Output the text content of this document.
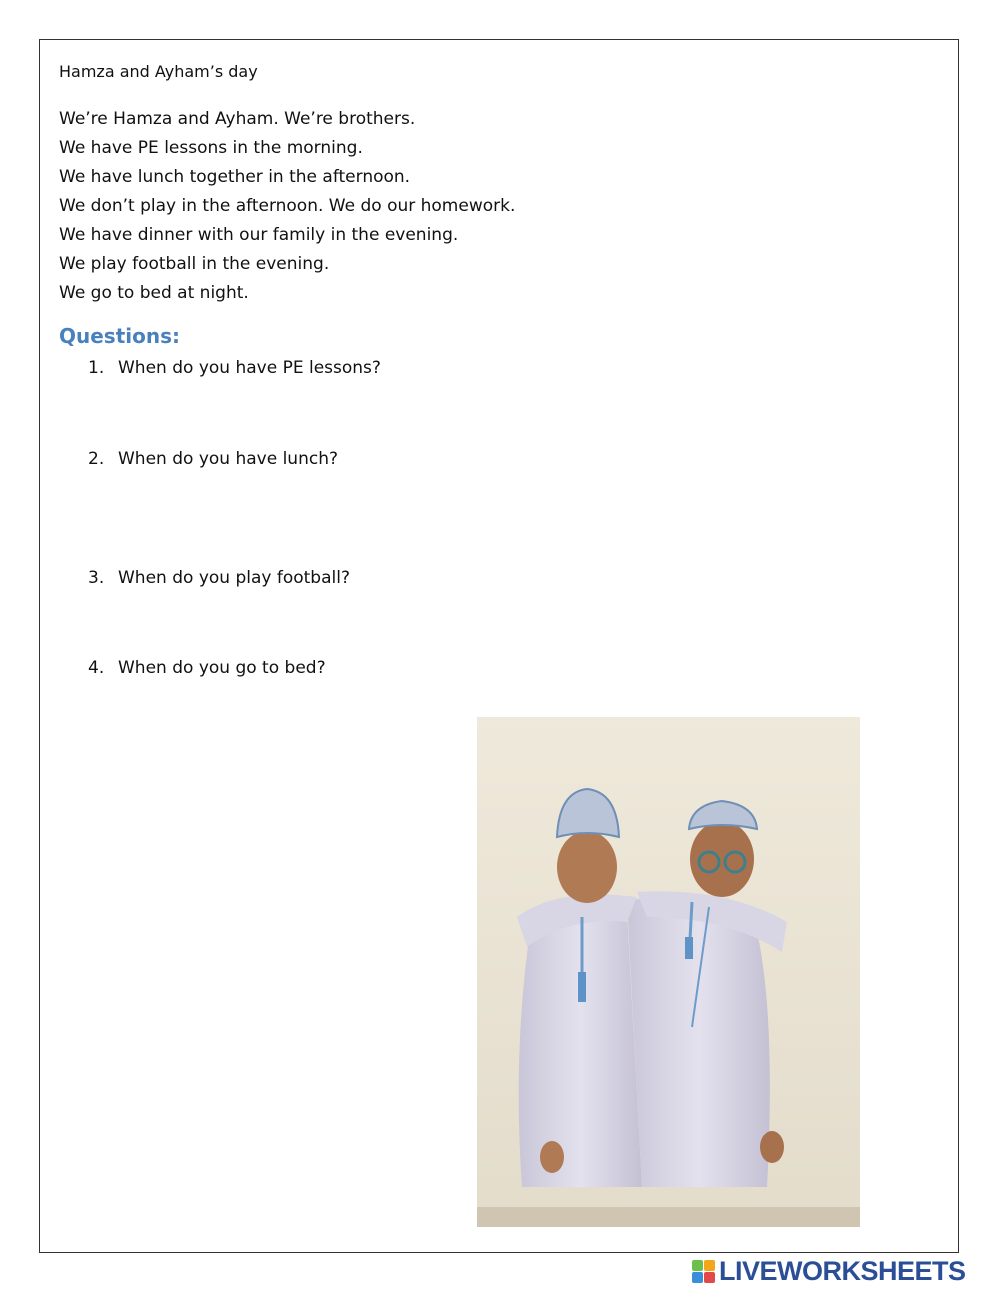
Hamza and Ayham’s day
We’re Hamza and Ayham. We’re brothers.
We have PE lessons in the morning.
We have lunch together in the afternoon.
We don’t play in the afternoon. We do our homework.
We have dinner with our family in the evening.
We play football in the evening.
We go to bed at night.
Questions:
1. When do you have PE lessons?
2. When do you have lunch?
3. When do you play football?
4. When do you go to bed?
LIVEWORKSHEETS
